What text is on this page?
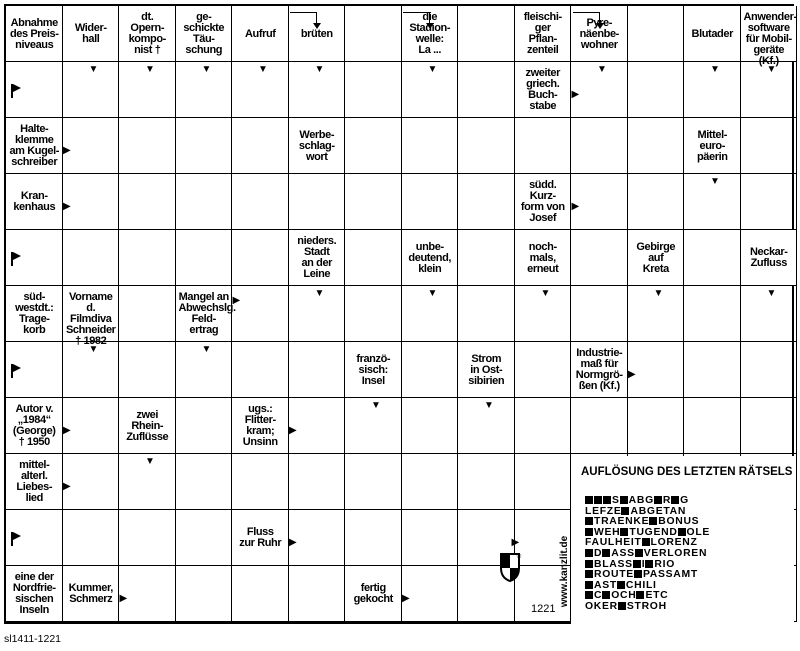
Abnahme
des Preis-
niveaus
Wider-
hall
dt.
Opern-
kompo-
nist †
ge-
schickte
Täu-
schung
Aufruf	brüten
die
Stadion-
welle:
La ...
fleischi-
ger
Pflan-
zenteil
Pyre-
näenbe-
wohner
Blutader
Anwender-
software
für Mobil-
geräte (Kf.)
zweiter
griech.
Buch-
stabe
Halte-
klemme
am Kugel-
schreiber
Werbe-
schlag-
wort
Mittel-
euro-
päerin
Kran-
kenhaus
südd.
Kurz-
form von
Josef
nieders.
Stadt
an der
Leine
unbe-
deutend,
klein
noch-
mals,
erneut
Gebirge
auf
Kreta
Neckar-
Zufluss
süd-
westdt.:
Trage-
korb
Vorname
d. Filmdiva
Schneider
† 1982
Mangel an
Abwechslg.
Feld-
ertrag
franzö-
sisch:
Insel
Strom
in Ost-
sibirien
Industrie-
maß für
Normgrö-
ßen (Kf.)
Autor v.
„1984“
(George)
† 1950
zwei
Rhein-
Zuflüsse
ugs.:
Flitter-
kram;
Unsinn
mittel-
alterl.
Liebes-
lied
Fluss
zur Ruhr
eine der
Nordfrie-
sischen
Inseln
Kummer,
Schmerz
fertig
gekocht
▼	▼	▼	▼	▼	▼	▼	▼	▼
▶
▶
▼
▶	▶
▼	▼	▼	▼	▼
▶
▼	▼
▶
▼	▼
▼
▶	▶
▶
▶
▶	▶
▶
AUFLÖSUNG DES LETZTEN RÄTSELS
S ABG R G
LEFZE ABGETAN
TRAENKE BONUS
WEH TUGEND OLE
FAULHEIT LORENZ
D ASS VERLOREN
BLASS I RIO
ROUTE PASSAMT
AST CHILI
C OCH ETC
OKER STROH
®	www.kanzlit.de
1221
sl1411-1221
